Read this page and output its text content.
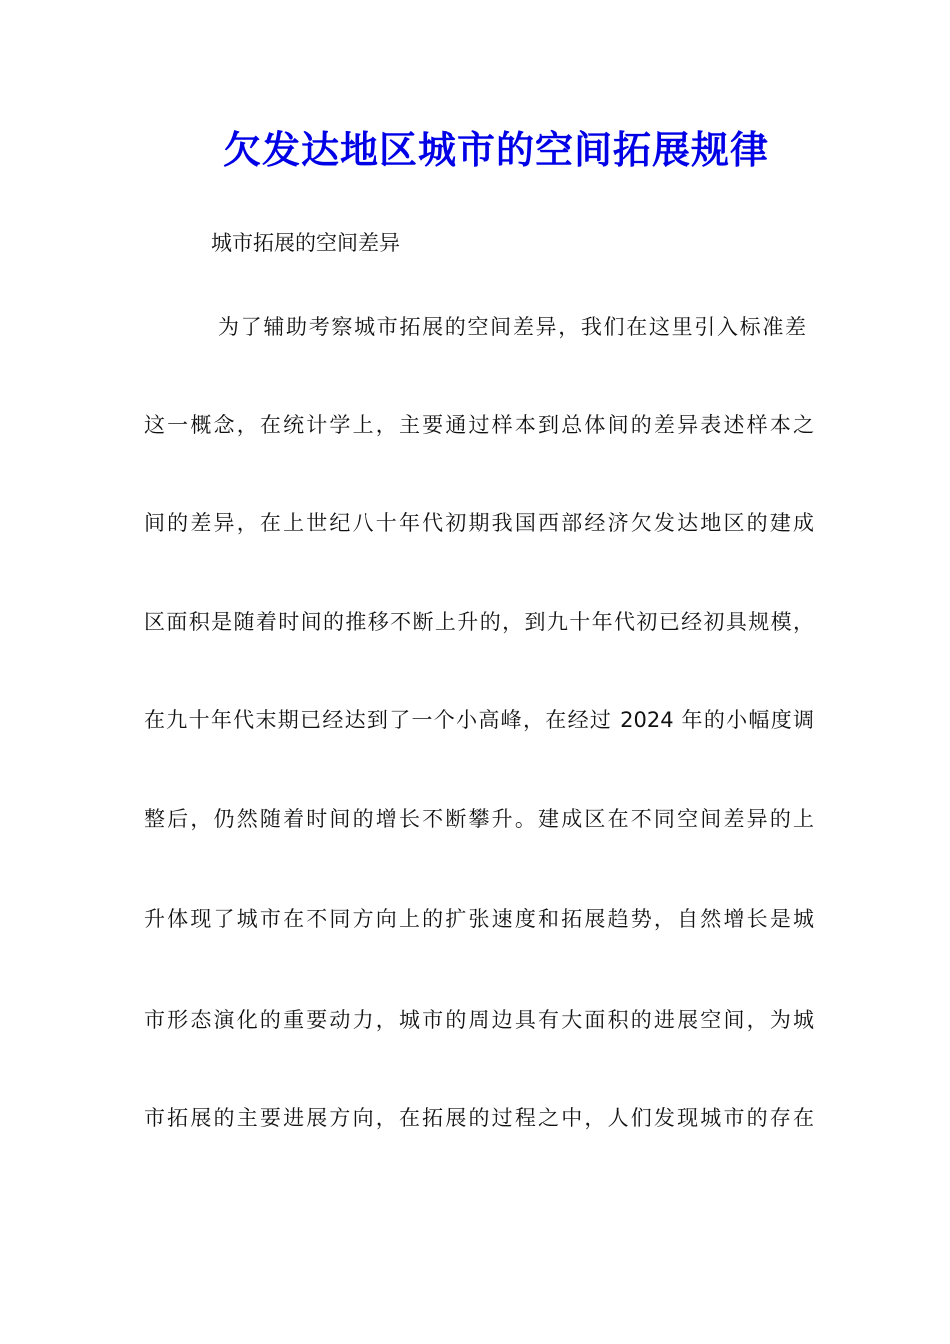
欠发达地区城市的空间拓展规律

城市拓展的空间差异

为了辅助考察城市拓展的空间差异，我们在这里引入标准差

这一概念，在统计学上，主要通过样本到总体间的差异表述样本之

间的差异，在上世纪八十年代初期我国西部经济欠发达地区的建成

区面积是随着时间的推移不断上升的，到九十年代初已经初具规模，

在九十年代末期已经达到了一个小高峰，在经过 2024 年的小幅度调

整后，仍然随着时间的增长不断攀升。建成区在不同空间差异的上

升体现了城市在不同方向上的扩张速度和拓展趋势，自然增长是城

市形态演化的重要动力，城市的周边具有大面积的进展空间，为城

市拓展的主要进展方向，在拓展的过程之中，人们发现城市的存在
